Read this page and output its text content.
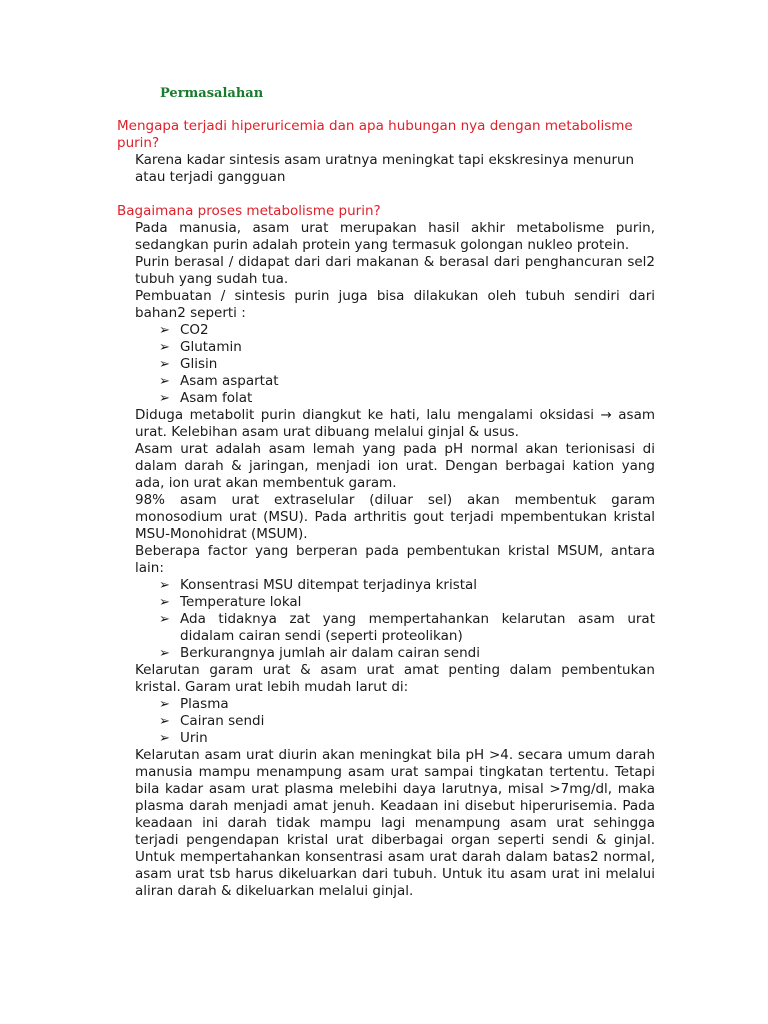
Permasalahan
Mengapa terjadi hiperuricemia dan apa hubungan nya dengan metabolisme purin?
Karena kadar sintesis asam uratnya meningkat tapi ekskresinya menurun atau terjadi gangguan
Bagaimana proses metabolisme purin?

Pada manusia, asam urat merupakan hasil akhir metabolisme purin, sedangkan purin adalah protein yang termasuk golongan nukleo protein.

Purin berasal / didapat dari dari makanan & berasal dari penghancuran sel2 tubuh yang sudah tua.

Pembuatan / sintesis purin juga bisa dilakukan oleh tubuh sendiri dari bahan2 seperti :

➢ CO2
➢ Glutamin
➢ Glisin
➢ Asam aspartat
➢ Asam folat

Diduga metabolit purin diangkut ke hati, lalu mengalami oksidasi → asam urat. Kelebihan asam urat dibuang melalui ginjal & usus.

Asam urat adalah asam lemah yang pada pH normal akan terionisasi di dalam darah & jaringan, menjadi ion urat. Dengan berbagai kation yang ada, ion urat akan membentuk garam.

98% asam urat extraselular (diluar sel) akan membentuk garam monosodium urat (MSU). Pada arthritis gout terjadi mpembentukan kristal MSU-Monohidrat (MSUM).

Beberapa factor yang berperan pada pembentukan kristal MSUM, antara lain:

➢ Konsentrasi MSU ditempat terjadinya kristal
➢ Temperature lokal
➢ Ada tidaknya zat yang mempertahankan kelarutan asam urat didalam cairan sendi (seperti proteolikan)
➢ Berkurangnya jumlah air dalam cairan sendi

Kelarutan garam urat & asam urat amat penting dalam pembentukan kristal. Garam urat lebih mudah larut di:

➢ Plasma
➢ Cairan sendi
➢ Urin

Kelarutan asam urat diurin akan meningkat bila pH >4. secara umum darah manusia mampu menampung asam urat sampai tingkatan tertentu. Tetapi bila kadar asam urat plasma melebihi daya larutnya, misal >7mg/dl, maka plasma darah menjadi amat jenuh. Keadaan ini disebut hiperurisemia. Pada keadaan ini darah tidak mampu lagi menampung asam urat sehingga terjadi pengendapan kristal urat diberbagai organ seperti sendi & ginjal. Untuk mempertahankan konsentrasi asam urat darah dalam batas2 normal, asam urat tsb harus dikeluarkan dari tubuh. Untuk itu asam urat ini melalui aliran darah & dikeluarkan melalui ginjal.
